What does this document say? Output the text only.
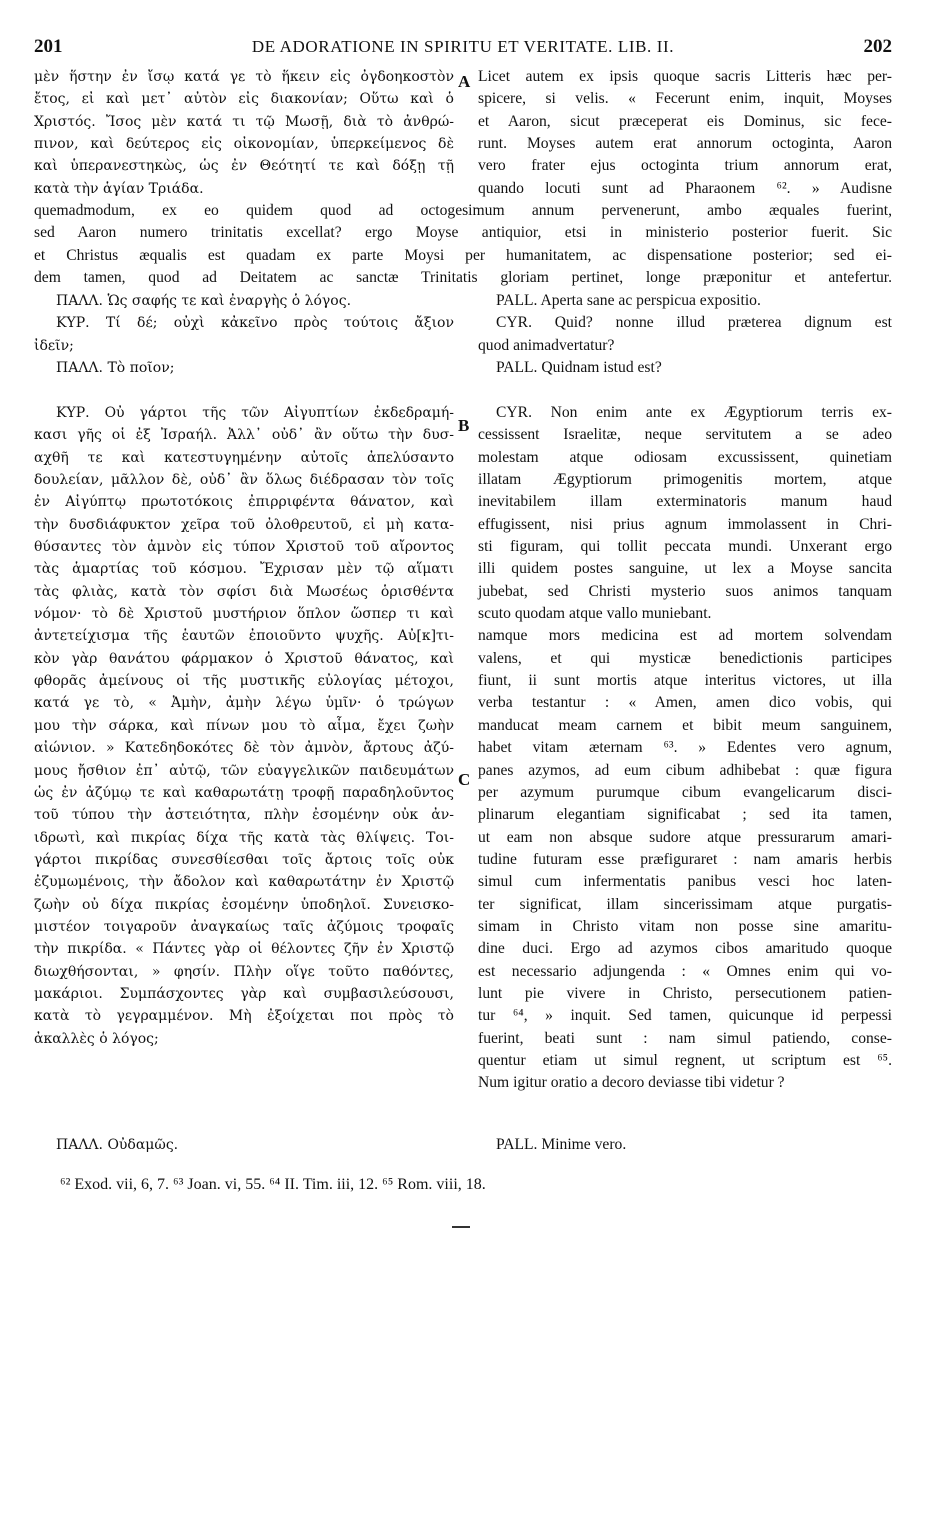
201	DE ADORATIONE IN SPIRITU ET VERITATE. LIB. II.	202
A
B
C
μὲν ἥστην ἐν ἴσῳ κατά γε τὸ ἥκειν εἰς ὀγδοηκοστὸν
ἔτος, εἰ καὶ μετ᾽ αὐτὸν εἰς διακονίαν; Οὕτω καὶ ὁ
Χριστός. Ἴσος μὲν κατά τι τῷ Μωσῇ, διὰ τὸ ἀνθρώ-
πινον, καὶ δεύτερος εἰς οἰκονομίαν, ὑπερκείμενος δὲ
καὶ ὑπερανεστηκὼς, ὡς ἐν Θεότητί τε καὶ δόξῃ τῇ
κατὰ τὴν ἁγίαν Τριάδα.
Licet autem ex ipsis quoque sacris Litteris hæc per-
spicere, si velis. « Fecerunt enim, inquit, Moyses
et Aaron, sicut præceperat eis Dominus, sic fece-
runt. Moyses autem erat annorum octoginta, Aaron
vero frater ejus octoginta trium annorum erat,
quando locuti sunt ad Pharaonem ⁶². » Audisne
quemadmodum, ex eo quidem quod ad octogesimum annum pervenerunt, ambo æquales fuerint,
sed Aaron numero trinitatis excellat? ergo Moyse antiquior, etsi in ministerio posterior fuerit. Sic
et Christus æqualis est quadam ex parte Moysi per humanitatem, ac dispensatione posterior; sed ei-
dem tamen, quod ad Deitatem ac sanctæ Trinitatis gloriam pertinet, longe præponitur et antefertur.
ΠΑΛΛ. Ὡς σαφής τε καὶ ἐναργὴς ὁ λόγος.
ΚΥΡ. Τί δέ; οὐχὶ κἀκεῖνο πρὸς τούτοις ἄξιον
ἰδεῖν;
ΠΑΛΛ. Τὸ ποῖον;
PALL. Aperta sane ac perspicua expositio.
CYR. Quid? nonne illud præterea dignum est
quod animadvertatur?
PALL. Quidnam istud est?
ΚΥΡ. Οὐ γάρτοι τῆς τῶν Αἰγυπτίων ἐκδεδραμή-
κασι γῆς οἱ ἐξ Ἰσραήλ. Ἀλλ᾽ οὐδ᾽ ἂν οὕτω τὴν δυσ-
αχθῆ τε καὶ κατεστυγημένην αὐτοῖς ἀπελύσαντο
δουλείαν, μᾶλλον δὲ, οὐδ᾽ ἂν ὅλως διέδρασαν τὸν τοῖς
ἐν Αἰγύπτῳ πρωτοτόκοις ἐπιρριφέντα θάνατον, καὶ
τὴν δυσδιάφυκτον χεῖρα τοῦ ὀλοθρευτοῦ, εἰ μὴ κατα-
θύσαντες τὸν ἀμνὸν εἰς τύπον Χριστοῦ τοῦ αἴροντος
τὰς ἁμαρτίας τοῦ κόσμου. Ἔχρισαν μὲν τῷ αἵματι
τὰς φλιὰς, κατὰ τὸν σφίσι διὰ Μωσέως ὁρισθέντα
νόμον· τὸ δὲ Χριστοῦ μυστήριον ὅπλον ὥσπερ τι καὶ
ἀντετείχισμα τῆς ἑαυτῶν ἐποιοῦντο ψυχῆς. Αὐ[κ]τι-
κὸν γὰρ θανάτου φάρμακον ὁ Χριστοῦ θάνατος, καὶ
φθορᾶς ἀμείνους οἱ τῆς μυστικῆς εὐλογίας μέτοχοι,
κατά γε τὸ, « Ἀμὴν, ἀμὴν λέγω ὑμῖν· ὁ τρώγων
μου τὴν σάρκα, καὶ πίνων μου τὸ αἷμα, ἔχει ζωὴν
αἰώνιον. » Κατεδηδοκότες δὲ τὸν ἀμνὸν, ἄρτους ἀζύ-
μους ἤσθιον ἐπ᾽ αὐτῷ, τῶν εὐαγγελικῶν παιδευμάτων
ὡς ἐν ἀζύμῳ τε καὶ καθαρωτάτῃ τροφῇ παραδηλοῦντος
τοῦ τύπου τὴν ἀστειότητα, πλὴν ἐσομένην οὐκ ἀν-
ιδρωτὶ, καὶ πικρίας δίχα τῆς κατὰ τὰς θλίψεις. Τοι-
γάρτοι πικρίδας συνεσθίεσθαι τοῖς ἄρτοις τοῖς οὐκ
ἐζυμωμένοις, τὴν ἄδολον καὶ καθαρωτάτην ἐν Χριστῷ
ζωὴν οὐ δίχα πικρίας ἐσομένην ὑποδηλοῖ. Συνεισκο-
μιστέον τοιγαροῦν ἀναγκαίως ταῖς ἀζύμοις τροφαῖς
τὴν πικρίδα. « Πάντες γὰρ οἱ θέλοντες ζῆν ἐν Χριστῷ
διωχθήσονται, » φησίν. Πλὴν οἵγε τοῦτο παθόντες,
μακάριοι. Συμπάσχοντες γὰρ καὶ συμβασιλεύσουσι,
κατὰ τὸ γεγραμμένον. Μὴ ἐξοίχεται ποι πρὸς τὸ
ἀκαλλὲς ὁ λόγος;
CYR. Non enim ante ex Ægyptiorum terris ex-
cessissent Israelitæ, neque servitutem a se adeo
molestam atque odiosam excussissent, quinetiam
illatam Ægyptiorum primogenitis mortem, atque
inevitabilem illam exterminatoris manum haud
effugissent, nisi prius agnum immolassent in Chri-
sti figuram, qui tollit peccata mundi. Unxerant ergo
illi quidem postes sanguine, ut lex a Moyse sancita
jubebat, sed Christi mysterio suos animos tanquam
scuto quodam atque vallo muniebant.
namque mors medicina est ad mortem solvendam
valens, et qui mysticæ benedictionis participes
fiunt, ii sunt mortis atque interitus victores, ut illa
verba testantur : « Amen, amen dico vobis, qui
manducat meam carnem et bibit meum sanguinem,
habet vitam æternam ⁶³. » Edentes vero agnum,
panes azymos, ad eum cibum adhibebat : quæ figura
per azymum purumque cibum evangelicarum disci-
plinarum elegantiam significabat ; sed ita tamen,
ut eam non absque sudore atque pressurarum amari-
tudine futuram esse præfiguraret : nam amaris herbis
simul cum infermentatis panibus vesci hoc laten-
ter significat, illam sincerissimam atque purgatis-
simam in Christo vitam non posse sine amaritu-
dine duci. Ergo ad azymos cibos amaritudo quoque
est necessario adjungenda : « Omnes enim qui vo-
lunt pie vivere in Christo, persecutionem patien-
tur ⁶⁴, » inquit. Sed tamen, quicunque id perpessi
fuerint, beati sunt : nam simul patiendo, conse-
quentur etiam ut simul regnent, ut scriptum est ⁶⁵.
Num igitur oratio a decoro deviasse tibi videtur ?
ΠΑΛΛ. Οὐδαμῶς.	PALL. Minime vero.
⁶² Exod. vii, 6, 7. ⁶³ Joan. vi, 55. ⁶⁴ II. Tim. iii, 12. ⁶⁵ Rom. viii, 18.
